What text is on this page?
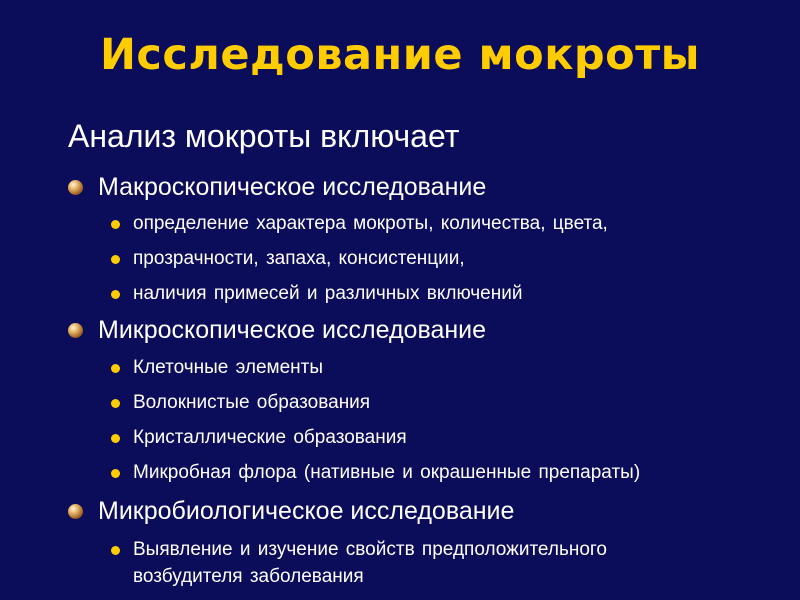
Исследование мокроты
Анализ мокроты включает
Макроскопическое исследование
определение характера мокроты, количества, цвета,
прозрачности, запаха, консистенции,
наличия примесей и различных включений
Микроскопическое исследование
Клеточные элементы
Волокнистые образования
Кристаллические образования
Микробная флора (нативные и окрашенные препараты)
Микробиологическое исследование
Выявление и изучение свойств предположительного
возбудителя заболевания
